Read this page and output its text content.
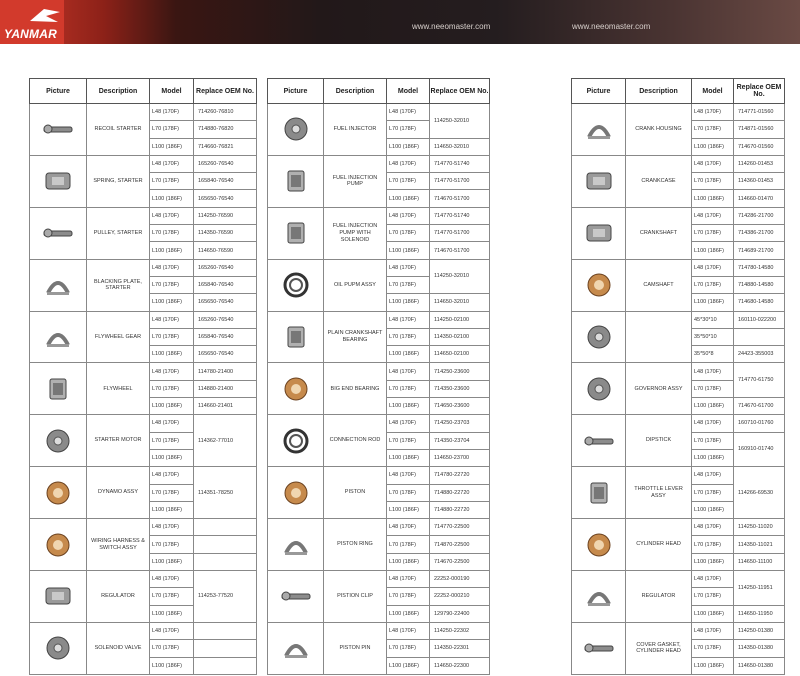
YANMAR
www.neeomaster.com	www.neeomaster.com
Picture	Description	Model	Replace OEM No.

	RECOIL STARTER	L48 (170F)	714260-76810
		L70 (178F)	714880-76820
		L100 (186F)	714660-76821

	SPRING, STARTER	L48 (170F)	165260-76540
		L70 (178F)	165840-76540
		L100 (186F)	165650-76540

	PULLEY, STARTER	L48 (170F)	114250-76590
		L70 (178F)	114350-76590
		L100 (186F)	114650-76590

	BLACKING PLATE, STARTER	L48 (170F)	165260-76540
		L70 (178F)	165840-76540
		L100 (186F)	165650-76540

	FLYWHEEL GEAR	L48 (170F)	165260-76540
		L70 (178F)	165840-76540
		L100 (186F)	165650-76540

	FLYWHEEL	L48 (170F)	114780-21400
		L70 (178F)	114880-21400
		L100 (186F)	114660-21401

	STARTER MOTOR	L48 (170F)	114362-77010
		L70 (178F)	
		L100 (186F)	

	DYNAMO ASSY	L48 (170F)	114351-78250
		L70 (178F)	
		L100 (186F)	

	WIRING HARNESS & SWITCH ASSY	L48 (170F)	
		L70 (178F)	
		L100 (186F)	

	REGULATOR	L48 (170F)	114253-77520
		L70 (178F)	
		L100 (186F)	

	SOLENOID VALVE	L48 (170F)	
		L70 (178F)	
		L100 (186F)	
Picture	Description	Model	Replace OEM No.

	FUEL INJECTOR	L48 (170F)	114250-32010
		L70 (178F)	
		L100 (186F)	114650-32010

	FUEL INJECTION PUMP	L48 (170F)	714770-51740
		L70 (178F)	714770-51700
		L100 (186F)	714670-51700

	FUEL INJECTION PUMP WITH SOLENOID	L48 (170F)	714770-51740
		L70 (178F)	714770-51700
		L100 (186F)	714670-51700

	OIL PUPM ASSY	L48 (170F)	114250-32010
		L70 (178F)	
		L100 (186F)	114650-32010

	PLAIN CRANKSHAFT BEARING	L48 (170F)	114250-02100
		L70 (178F)	114350-02100
		L100 (186F)	114650-02100

	BIG END BEARING	L48 (170F)	714250-23600
		L70 (178F)	714350-23600
		L100 (186F)	714650-23600

	CONNECTION ROD	L48 (170F)	714250-23703
		L70 (178F)	714350-23704
		L100 (186F)	114650-23700

	PISTON	L48 (170F)	714780-22720
		L70 (178F)	714880-22720
		L100 (186F)	714880-22720

	PISTON RING	L48 (170F)	714770-22500
		L70 (178F)	714870-22500
		L100 (186F)	714670-22500

	PISTION CLIP	L48 (170F)	22252-000190
		L70 (178F)	22252-000210
		L100 (186F)	129790-22400

	PISTON PIN	L48 (170F)	114250-22302
		L70 (178F)	114350-22301
		L100 (186F)	114650-22300
Picture	Description	Model	Replace OEM No.

	CRANK HOUSING	L48 (170F)	714771-01560
		L70 (178F)	714871-01560
		L100 (186F)	714670-01560

	CRANKCASE	L48 (170F)	114260-01453
		L70 (178F)	114360-01453
		L100 (186F)	114660-01470

	CRANKSHAFT	L48 (170F)	714286-21700
		L70 (178F)	714386-21700
		L100 (186F)	714689-21700

	CAMSHAFT	L48 (170F)	714780-14580
		L70 (178F)	714880-14580
		L100 (186F)	714680-14580

		45*30*10	160110-022200
		35*50*10	
		35*50*8	24423-355003

	GOVERNOR ASSY	L48 (170F)	714770-61750
		L70 (178F)	
		L100 (186F)	714670-61700

	DIPSTICK	L48 (170F)	160710-01760
		L70 (178F)	160910-01740
		L100 (186F)	

	THROTTLE LEVER ASSY	L48 (170F)	114266-69530
		L70 (178F)	
		L100 (186F)	

	CYLINDER HEAD	L48 (170F)	114250-11020
		L70 (178F)	114350-11021
		L100 (186F)	114650-11100

	REGULATOR	L48 (170F)	114250-11951
		L70 (178F)	
		L100 (186F)	114650-11950

	COVER GASKET, CYLINDER HEAD	L48 (170F)	114250-01380
		L70 (178F)	114350-01380
		L100 (186F)	114650-01380
